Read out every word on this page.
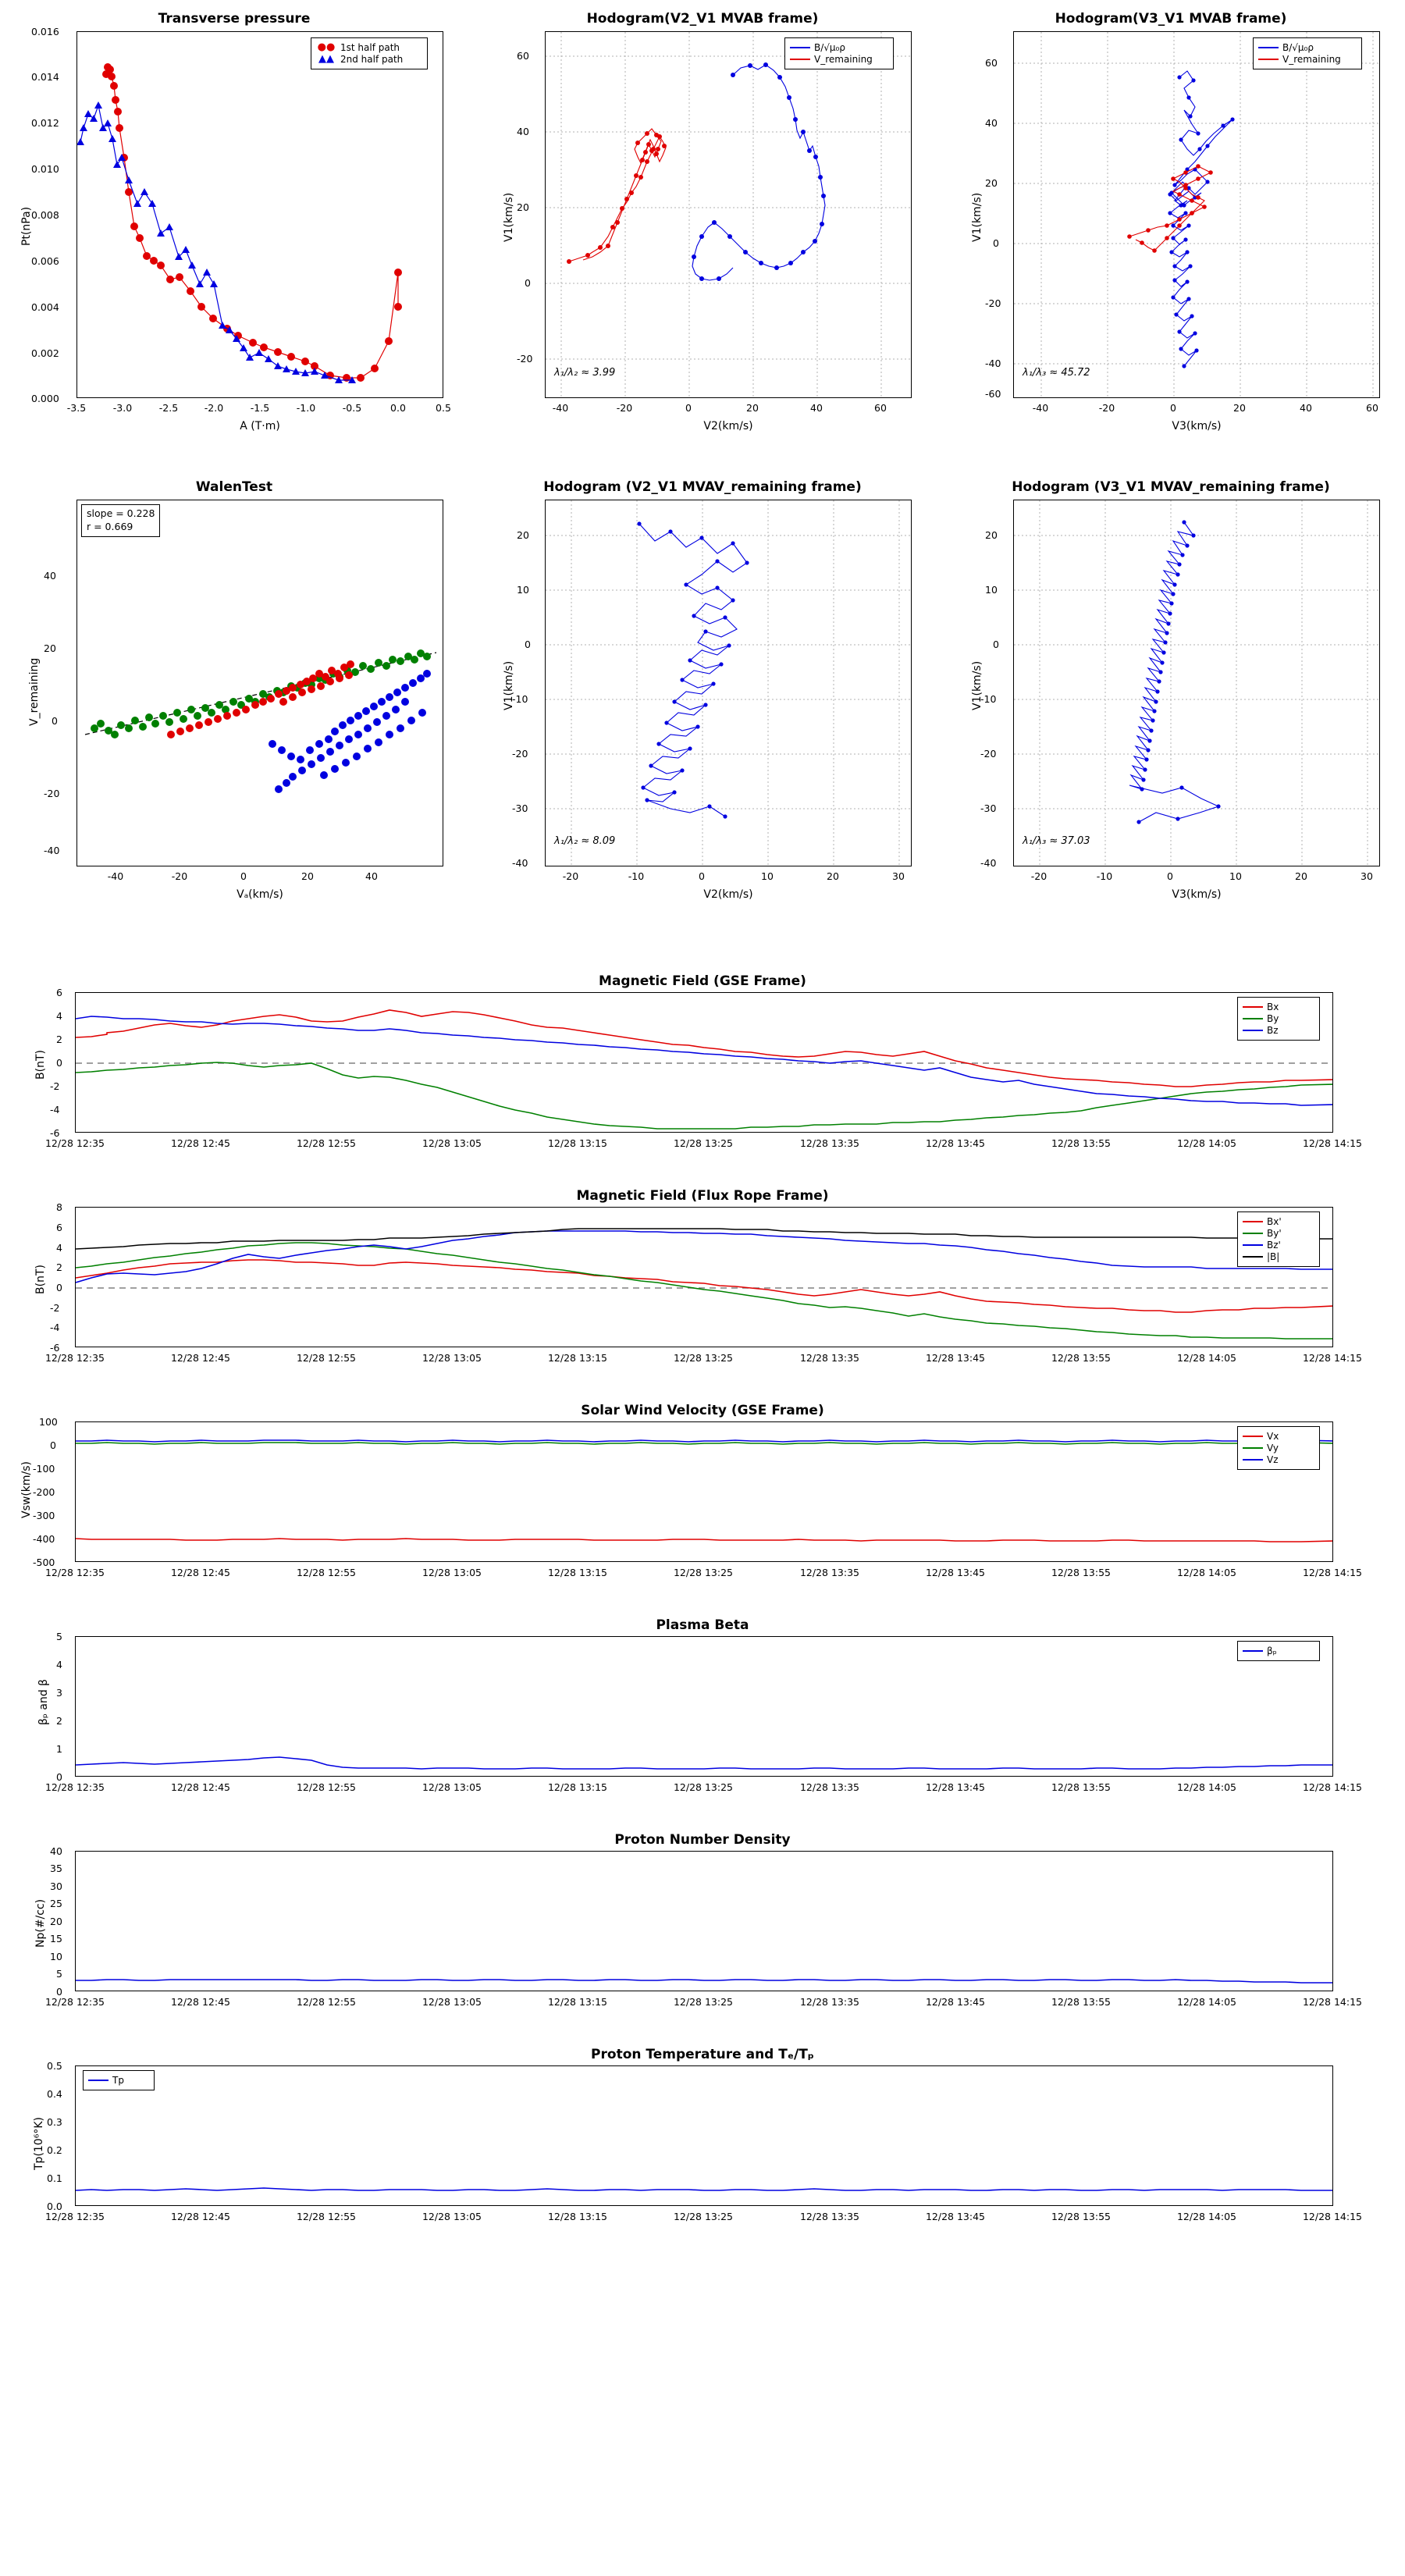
Transverse pressure
●● 1st half path
▲▲ 2nd half path
0.016
0.014
0.012
0.010
0.008
0.006
0.004
0.002
0.000
-3.5	-3.0	-2.5	-2.0	-1.5	-1.0	-0.5	0.0	0.5
A (T·m)
Pt(nPa)
Hodogram(V2_V1 MVAB frame)
B/√μ₀ρ
V_remaining
λ₁/λ₂ ≈ 3.99
60
40
20
0
-20
-40	-20	0	20	40	60
V2(km/s)
V1(km/s)
Hodogram(V3_V1 MVAB frame)
B/√μ₀ρ
V_remaining
λ₁/λ₃ ≈ 45.72
60
40
20
0
-20
-40
-60
-40	-20	0	20	40	60
V3(km/s)
V1(km/s)
WalenTest
slope = 0.228
r = 0.669
40
20
0
-20
-40
-40	-20	0	20	40
Vₐ(km/s)
V_remaining
Hodogram (V2_V1 MVAV_remaining frame)
λ₁/λ₂ ≈ 8.09
20
10
0
-10
-20
-30
-40
-20	-10	0	10	20	30
V2(km/s)
V1(km/s)
Hodogram (V3_V1 MVAV_remaining frame)
λ₁/λ₃ ≈ 37.03
20
10
0
-10
-20
-30
-40
-20	-10	0	10	20	30
V3(km/s)
V1(km/s)
Magnetic Field (GSE Frame)
Bx
By
Bz
6
4
2
0
-2
-4
-6
B(nT)
12/28 12:35	12/28 12:45	12/28 12:55	12/28 13:05	12/28 13:15	12/28 13:25	12/28 13:35	12/28 13:45	12/28 13:55	12/28 14:05	12/28 14:15
Magnetic Field (Flux Rope Frame)
Bx'
By'
Bz'
|B|
8
6
4
2
0
-2
-4
-6
B(nT)
12/28 12:35	12/28 12:45	12/28 12:55	12/28 13:05	12/28 13:15	12/28 13:25	12/28 13:35	12/28 13:45	12/28 13:55	12/28 14:05	12/28 14:15
Solar Wind Velocity (GSE Frame)
Vx
Vy
Vz
100
0
-100
-200
-300
-400
-500
Vsw(km/s)
12/28 12:35	12/28 12:45	12/28 12:55	12/28 13:05	12/28 13:15	12/28 13:25	12/28 13:35	12/28 13:45	12/28 13:55	12/28 14:05	12/28 14:15
Plasma Beta
βₚ
5
4
3
2
1
0
βₚ and β
12/28 12:35	12/28 12:45	12/28 12:55	12/28 13:05	12/28 13:15	12/28 13:25	12/28 13:35	12/28 13:45	12/28 13:55	12/28 14:05	12/28 14:15
Proton Number Density
40
35
30
25
20
15
10
5
0
Np(#/cc)
12/28 12:35	12/28 12:45	12/28 12:55	12/28 13:05	12/28 13:15	12/28 13:25	12/28 13:35	12/28 13:45	12/28 13:55	12/28 14:05	12/28 14:15
Proton Temperature and Tₑ/Tₚ
Tp
0.5
0.4
0.3
0.2
0.1
0.0
Tp(10⁶°K)
12/28 12:35	12/28 12:45	12/28 12:55	12/28 13:05	12/28 13:15	12/28 13:25	12/28 13:35	12/28 13:45	12/28 13:55	12/28 14:05	12/28 14:15
